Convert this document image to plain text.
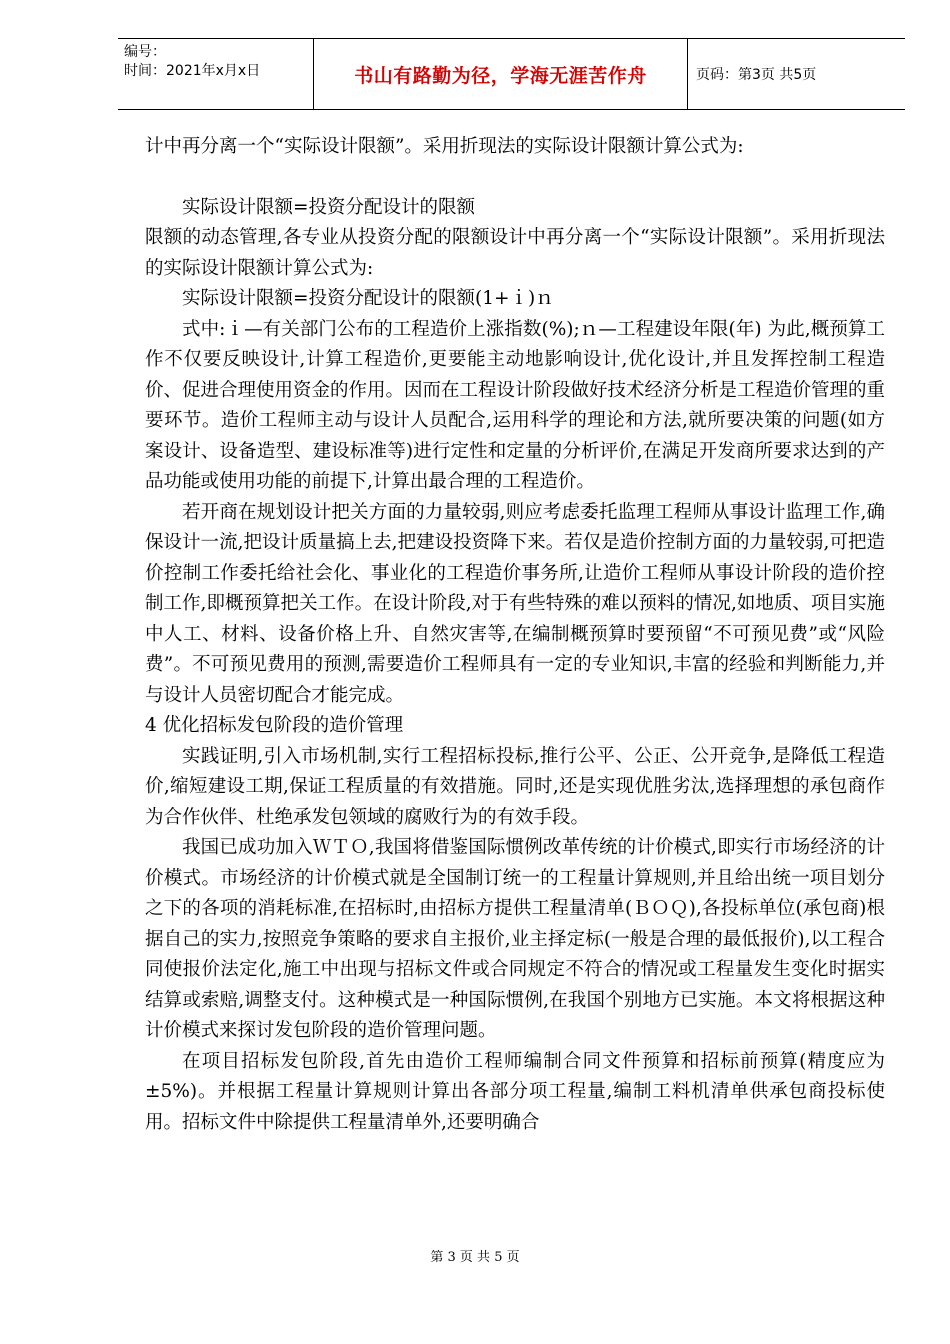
编号：
时间：2021年x月x日	书山有路勤为径，学海无涯苦作舟	页码：第3页 共5页

计中再分离一个“实际设计限额”。采用折现法的实际设计限额计算公式为:

实际设计限额=投资分配设计的限额

限额的动态管理,各专业从投资分配的限额设计中再分离一个“实际设计限额”。采用折现法的实际设计限额计算公式为:

实际设计限额=投资分配设计的限额(1+ｉ)ｎ

式中:ｉ—有关部门公布的工程造价上涨指数(%);ｎ—工程建设年限(年) 为此,概预算工作不仅要反映设计,计算工程造价,更要能主动地影响设计,优化设计,并且发挥控制工程造价、促进合理使用资金的作用。因而在工程设计阶段做好技术经济分析是工程造价管理的重要环节。造价工程师主动与设计人员配合,运用科学的理论和方法,就所要决策的问题(如方案设计、设备造型、建设标准等)进行定性和定量的分析评价,在满足开发商所要求达到的产品功能或使用功能的前提下,计算出最合理的工程造价。

若开商在规划设计把关方面的力量较弱,则应考虑委托监理工程师从事设计监理工作,确保设计一流,把设计质量搞上去,把建设投资降下来。若仅是造价控制方面的力量较弱,可把造价控制工作委托给社会化、事业化的工程造价事务所,让造价工程师从事设计阶段的造价控制工作,即概预算把关工作。在设计阶段,对于有些特殊的难以预料的情况,如地质、项目实施中人工、材料、设备价格上升、自然灾害等,在编制概预算时要预留“不可预见费”或“风险费”。不可预见费用的预测,需要造价工程师具有一定的专业知识,丰富的经验和判断能力,并与设计人员密切配合才能完成。

4 优化招标发包阶段的造价管理

实践证明,引入市场机制,实行工程招标投标,推行公平、公正、公开竞争,是降低工程造价,缩短建设工期,保证工程质量的有效措施。同时,还是实现优胜劣汰,选择理想的承包商作为合作伙伴、杜绝承发包领域的腐败行为的有效手段。

我国已成功加入ＷＴＯ,我国将借鉴国际惯例改革传统的计价模式,即实行市场经济的计价模式。市场经济的计价模式就是全国制订统一的工程量计算规则,并且给出统一项目划分之下的各项的消耗标准,在招标时,由招标方提供工程量清单(ＢＯＱ),各投标单位(承包商)根据自己的实力,按照竞争策略的要求自主报价,业主择定标(一般是合理的最低报价),以工程合同使报价法定化,施工中出现与招标文件或合同规定不符合的情况或工程量发生变化时据实结算或索赔,调整支付。这种模式是一种国际惯例,在我国个别地方已实施。本文将根据这种计价模式来探讨发包阶段的造价管理问题。

在项目招标发包阶段,首先由造价工程师编制合同文件预算和招标前预算(精度应为±5%)。并根据工程量计算规则计算出各部分项工程量,编制工料机清单供承包商投标使用。招标文件中除提供工程量清单外,还要明确合

第 3 页 共 5 页
